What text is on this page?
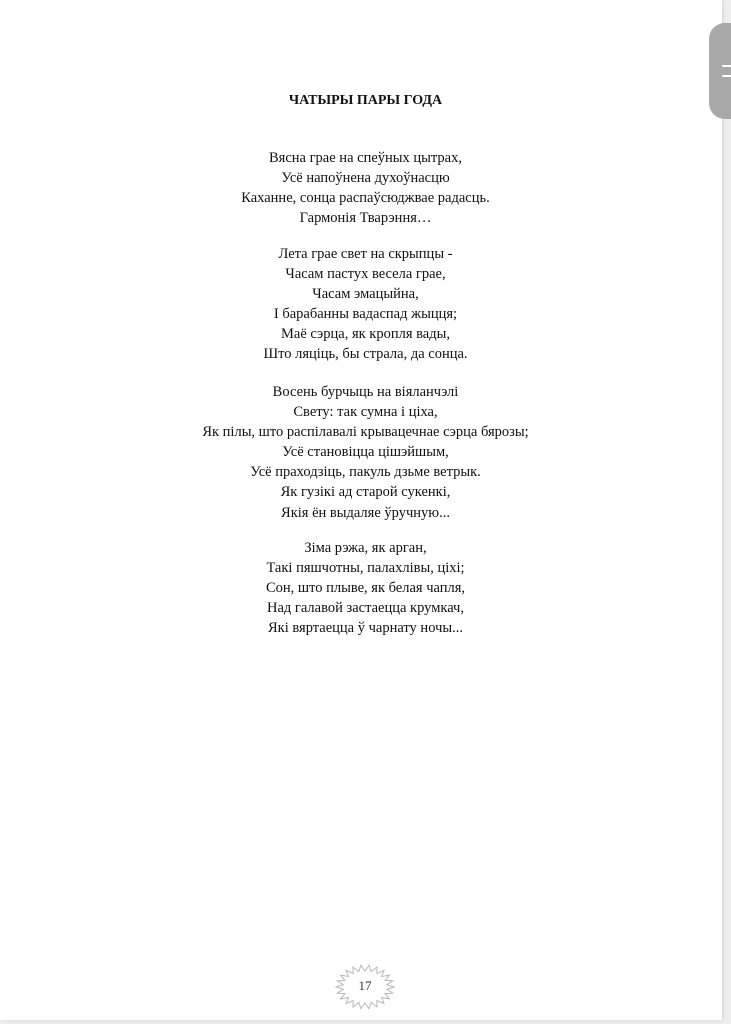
ЧАТЫРЫ ПАРЫ ГОДА

Вясна грае на спеўных цытрах,
Усё напоўнена духоўнасцю
Каханне, сонца распаўсюджвае радасць.
Гармонія Тварэння…

Лета грае свет на скрыпцы -
Часам пастух весела грае,
Часам эмацыйна,
І барабанны вадаспад жыцця;
Маё сэрца, як кропля вады,
Што ляціць, бы страла, да сонца.

Восень бурчыць на віяланчэлі
Свету: так сумна і ціха,
Як пілы, што распілавалі крывацечнае сэрца бярозы;
Усё становіцца цішэйшым,
Усё праходзіць, пакуль дзьме ветрык.
Як гузікі ад старой сукенкі,
Якія ён выдаляе ўручную...

Зіма рэжа, як арган,
Такі пяшчотны, палахлівы, ціхі;
Сон, што плыве, як белая чапля,
Над галавой застаецца крумкач,
Які вяртаецца ў чарнату ночы...

17
